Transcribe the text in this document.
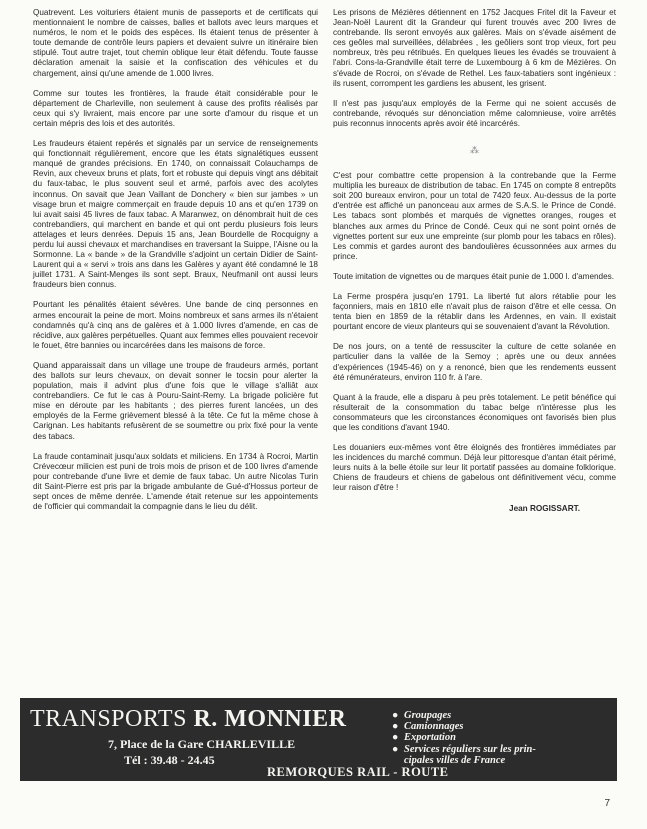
Quatrevent. Les voituriers étaient munis de passeports et de certificats qui mentionnaient le nombre de caisses, balles et ballots avec leurs marques et numéros, le nom et le poids des espèces. Ils étaient tenus de présenter à toute demande de contrôle leurs papiers et devaient suivre un itinéraire bien stipulé. Tout autre trajet, tout chemin oblique leur était défendu. Toute fausse déclaration amenait la saisie et la confiscation des véhicules et du chargement, ainsi qu'une amende de 1.000 livres.

Comme sur toutes les frontières, la fraude était considérable pour le département de Charleville, non seulement à cause des profits réalisés par ceux qui s'y livraient, mais encore par une sorte d'amour du risque et un certain mépris des lois et des autorités.

Les fraudeurs étaient repérés et signalés par un service de renseignements qui fonctionnait régulièrement, encore que les états signalétiques eussent manqué de grandes précisions. En 1740, on connaissait Colauchamps de Revin, aux cheveux bruns et plats, fort et robuste qui depuis vingt ans débitait du faux-tabac, le plus souvent seul et armé, parfois avec des acolytes inconnus. On savait que Jean Vaillant de Donchery « bien sur jambes » un visage brun et maigre commerçait en fraude depuis 10 ans et qu'en 1739 on lui avait saisi 45 livres de faux tabac. A Maranwez, on dénombrait huit de ces contrebandiers, qui marchent en bande et qui ont perdu plusieurs fois leurs attelages et leurs denrées. Depuis 15 ans, Jean Bourdelle de Rocquigny a perdu lui aussi chevaux et marchandises en traversant la Suippe, l'Aisne ou la Sormonne. La « bande » de la Grandville s'adjoint un certain Didier de Saint-Laurent qui a « servi » trois ans dans les Galères y ayant été condamné le 18 juillet 1731. A Saint-Menges ils sont sept. Braux, Neufmanil ont aussi leurs fraudeurs bien connus.

Pourtant les pénalités étaient sévères. Une bande de cinq personnes en armes encourait la peine de mort. Moins nombreux et sans armes ils n'étaient condamnés qu'à cinq ans de galères et à 1.000 livres d'amende, en cas de récidive, aux galères perpétuelles. Quant aux femmes elles pouvaient recevoir le fouet, être bannies ou incarcérées dans les maisons de force.

Quand apparaissait dans un village une troupe de fraudeurs armés, portant des ballots sur leurs chevaux, on devait sonner le tocsin pour alerter la population, mais il advint plus d'une fois que le village s'alliât aux contrebandiers. Ce fut le cas à Pouru-Saint-Remy. La brigade policière fut mise en déroute par les habitants ; des pierres furent lancées, un des employés de la Ferme grièvement blessé à la tête. Ce fut la même chose à Carignan. Les habitants refusèrent de se soumettre ou prix fixé pour la vente des tabacs.

La fraude contaminait jusqu'aux soldats et miliciens. En 1734 à Rocroi, Martin Crévecœur milicien est puni de trois mois de prison et de 100 livres d'amende pour contrebande d'une livre et demie de faux tabac. Un autre Nicolas Turin dit Saint-Pierre est pris par la brigade ambulante de Gué-d'Hossus porteur de sept onces de même denrée. L'amende était retenue sur les appointements de l'officier qui commandait la compagnie dans le lieu du délit.

Les prisons de Mézières détiennent en 1752 Jacques Fritel dit la Faveur et Jean-Noël Laurent dit la Grandeur qui furent trouvés avec 200 livres de contrebande. Ils seront envoyés aux galères. Mais on s'évade aisément de ces geôles mal surveillées, délabrées , les geôliers sont trop vieux, fort peu nombreux, très peu rétribués. En quelques lieues les évadés se trouvaient à l'abri. Cons-la-Grandville était terre de Luxembourg à 6 km de Mézières. On s'évade de Rocroi, on s'évade de Rethel. Les faux-tabatiers sont ingénieux : ils rusent, corrompent les gardiens les abusent, les grisent.

Il n'est pas jusqu'aux employés de la Ferme qui ne soient accusés de contrebande, révoqués sur dénonciation même calomnieuse, voire arrêtés puis reconnus innocents après avoir été incarcérés.

⁂

C'est pour combattre cette propension à la contrebande que la Ferme multiplia les bureaux de distribution de tabac. En 1745 on compte 8 entrepôts soit 200 bureaux environ, pour un total de 7420 feux. Au-dessus de la porte d'entrée est affiché un panonceau aux armes de S.A.S. le Prince de Condé. Les tabacs sont plombés et marqués de vignettes oranges, rouges et blanches aux armes du Prince de Condé. Ceux qui ne sont point ornés de vignettes portent sur eux une empreinte (sur plomb pour les tabacs en rôles). Les commis et gardes auront des bandoulières écussonnées aux armes du prince.

Toute imitation de vignettes ou de marques était punie de 1.000 l. d'amendes.

La Ferme prospéra jusqu'en 1791. La liberté fut alors rétablie pour les façonniers, mais en 1810 elle n'avait plus de raison d'être et elle cessa. On tenta bien en 1859 de la rétablir dans les Ardennes, en vain. Il existait pourtant encore de vieux planteurs qui se souvenaient d'avant la Révolution.

De nos jours, on a tenté de ressusciter la culture de cette solanée en particulier dans la vallée de la Semoy ; après une ou deux années d'expériences (1945-46) on y a renoncé, bien que les rendements eussent été rémunérateurs, environ 110 fr. à l'are.

Quant à la fraude, elle a disparu à peu près totalement. Le petit bénéfice qui résulterait de la consommation du tabac belge n'intéresse plus les consommateurs que les circonstances économiques ont favorisés bien plus que les conditions d'avant 1940.

Les douaniers eux-mêmes vont être éloignés des frontières immédiates par les incidences du marché commun. Déjà leur pittoresque d'antan était périmé, leurs nuits à la belle étoile sur leur lit portatif passées au domaine folklorique. Chiens de fraudeurs et chiens de gabelous ont définitivement vécu, comme leur raison d'être !

Jean ROGISSART.
TRANSPORTS R. MONNIER
7, Place de la Gare CHARLEVILLE
Tél : 39.48 - 24.45
● Groupages
● Camionnages
● Exportation
● Services réguliers sur les prin-
cipales villes de France
REMORQUES RAIL - ROUTE
7
